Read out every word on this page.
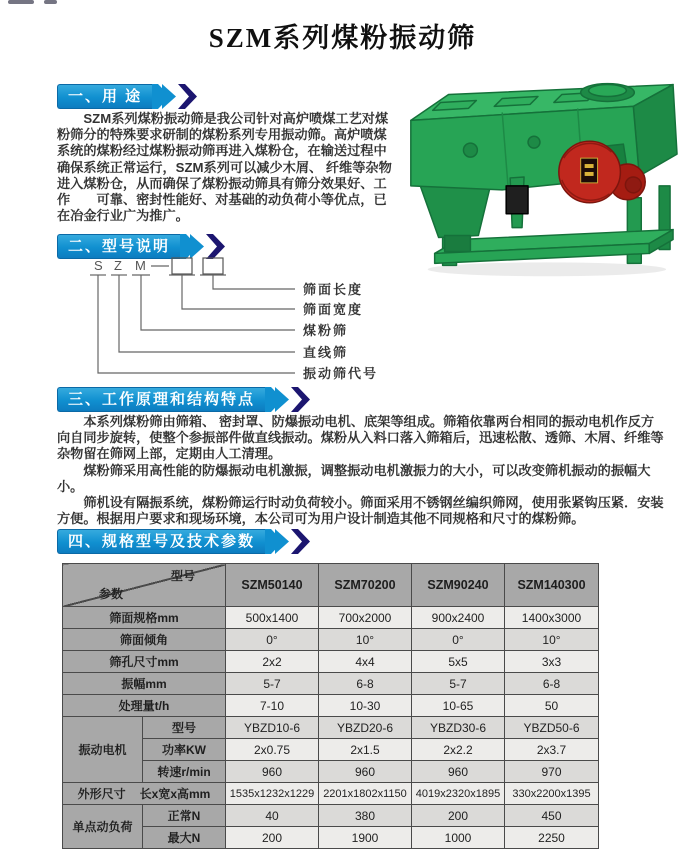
SZM系列煤粉振动筛
一、用 途
　　SZM系列煤粉振动筛是我公司针对高炉喷煤工艺对煤
粉筛分的特殊要求研制的煤粉系列专用振动筛。高炉喷煤
系统的煤粉经过煤粉振动筛再进入煤粉仓，在输送过程中
确保系统正常运行，SZM系列可以减少木屑、 纤维等杂物
进入煤粉仓，从而确保了煤粉振动筛具有筛分效果好、工
作　　可靠、密封性能好、对基础的动负荷小等优点，已
在冶金行业广为推广。
二、型号说明
S Z M
筛面长度
筛面宽度
煤粉筛
直线筛
振动筛代号
三、工作原理和结构特点
　　本系列煤粉筛由筛箱、 密封罩、防爆振动电机、底架等组成。筛箱依靠两台相同的振动电机作反方
向自同步旋转，使整个参振部件做直线振动。煤粉从入料口落入筛箱后，迅速松散、透筛、木屑、纤维等
杂物留在筛网上部，定期由人工清理。
　　煤粉筛采用高性能的防爆振动电机激振，调整振动电机激振力的大小，可以改变筛机振动的振幅大
小。
　　筛机设有隔振系统，煤粉筛运行时动负荷较小。筛面采用不锈钢丝编织筛网，使用张紧钩压紧．安装
方便。根据用户要求和现场环境，本公司可为用户设计制造其他不同规格和尺寸的煤粉筛。
四、规格型号及技术参数
型号
参数		SZM50140	SZM70200	SZM90240	SZM140300
筛面规格mm		500x1400	700x2000	900x2400	1400x3000
筛面倾角		0°	10°	0°	10°
筛孔尺寸mm		2x2	4x4	5x5	3x3
振幅mm		5-7	6-8	5-7	6-8
处理量t/h		7-10	10-30	10-65	50
振动电机	型号	YBZD10-6	YBZD20-6	YBZD30-6	YBZD50-6
	功率KW	2x0.75	2x1.5	2x2.2	2x3.7
	转速r/min	960	960	960	970

外形尺寸 长x宽x高mm		1535x1232x1229	2201x1802x1150	4019x2320x1895	330x2200x1395
单点动负荷	正常N	40	380	200	450
	最大N	200	1900	1000	2250
